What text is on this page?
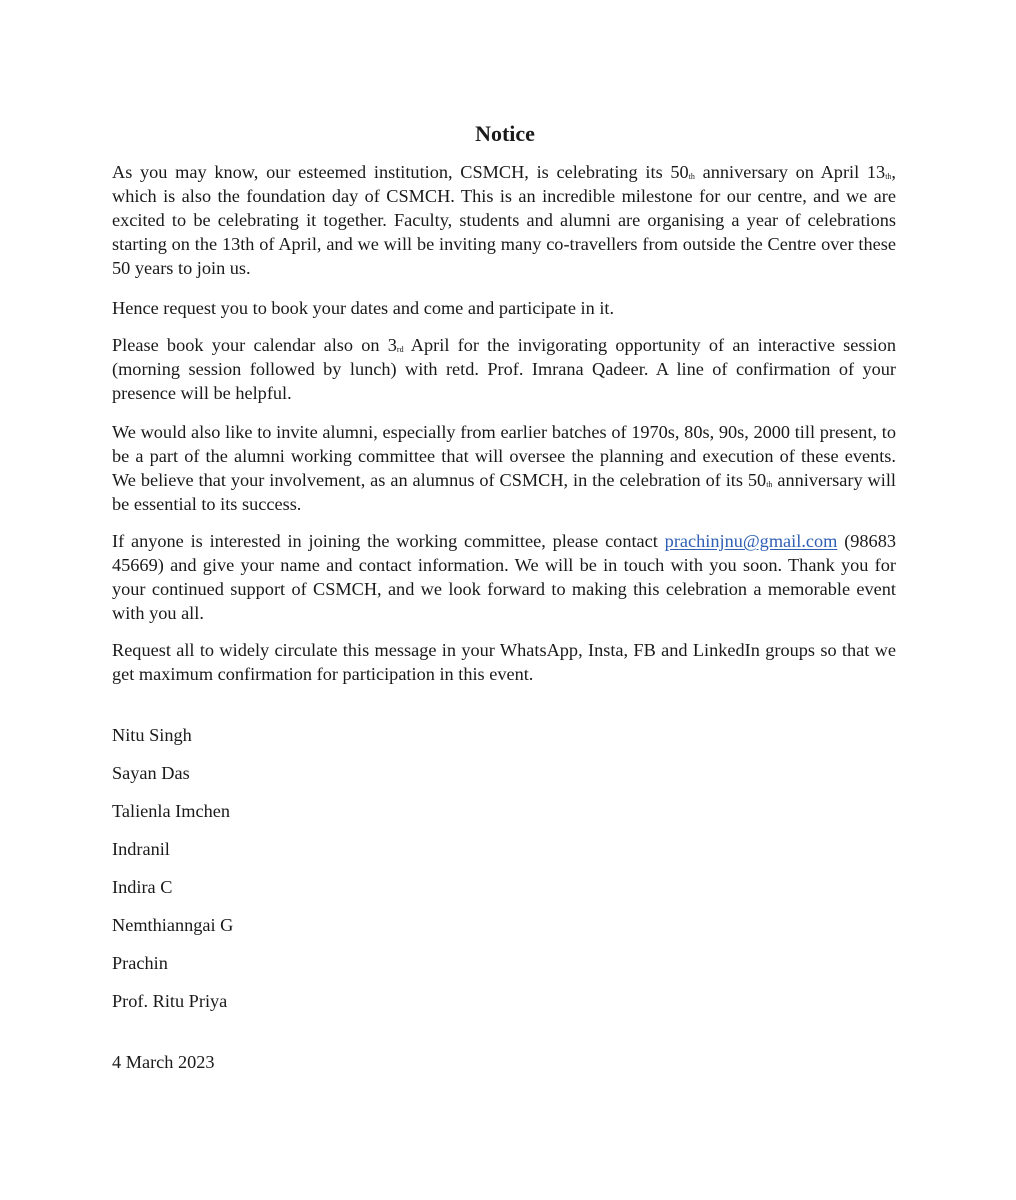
Notice

As you may know, our esteemed institution, CSMCH, is celebrating its 50th anniversary on April 13th, which is also the foundation day of CSMCH. This is an incredible milestone for our centre, and we are excited to be celebrating it together. Faculty, students and alumni are organising a year of celebrations starting on the 13th of April, and we will be inviting many co-travellers from outside the Centre over these 50 years to join us.

Hence request you to book your dates and come and participate in it.

Please book your calendar also on 3rd April for the invigorating opportunity of an interactive session (morning session followed by lunch) with retd. Prof. Imrana Qadeer. A line of confirmation of your presence will be helpful.

We would also like to invite alumni, especially from earlier batches of 1970s, 80s, 90s, 2000 till present, to be a part of the alumni working committee that will oversee the planning and execution of these events. We believe that your involvement, as an alumnus of CSMCH, in the celebration of its 50th anniversary will be essential to its success.

If anyone is interested in joining the working committee, please contact prachinjnu@gmail.com (98683 45669) and give your name and contact information. We will be in touch with you soon. Thank you for your continued support of CSMCH, and we look forward to making this celebration a memorable event with you all.

Request all to widely circulate this message in your WhatsApp, Insta, FB and LinkedIn groups so that we get maximum confirmation for participation in this event.

Nitu Singh

Sayan Das

Talienla Imchen

Indranil

Indira C

Nemthianngai G

Prachin

Prof. Ritu Priya

4 March 2023
